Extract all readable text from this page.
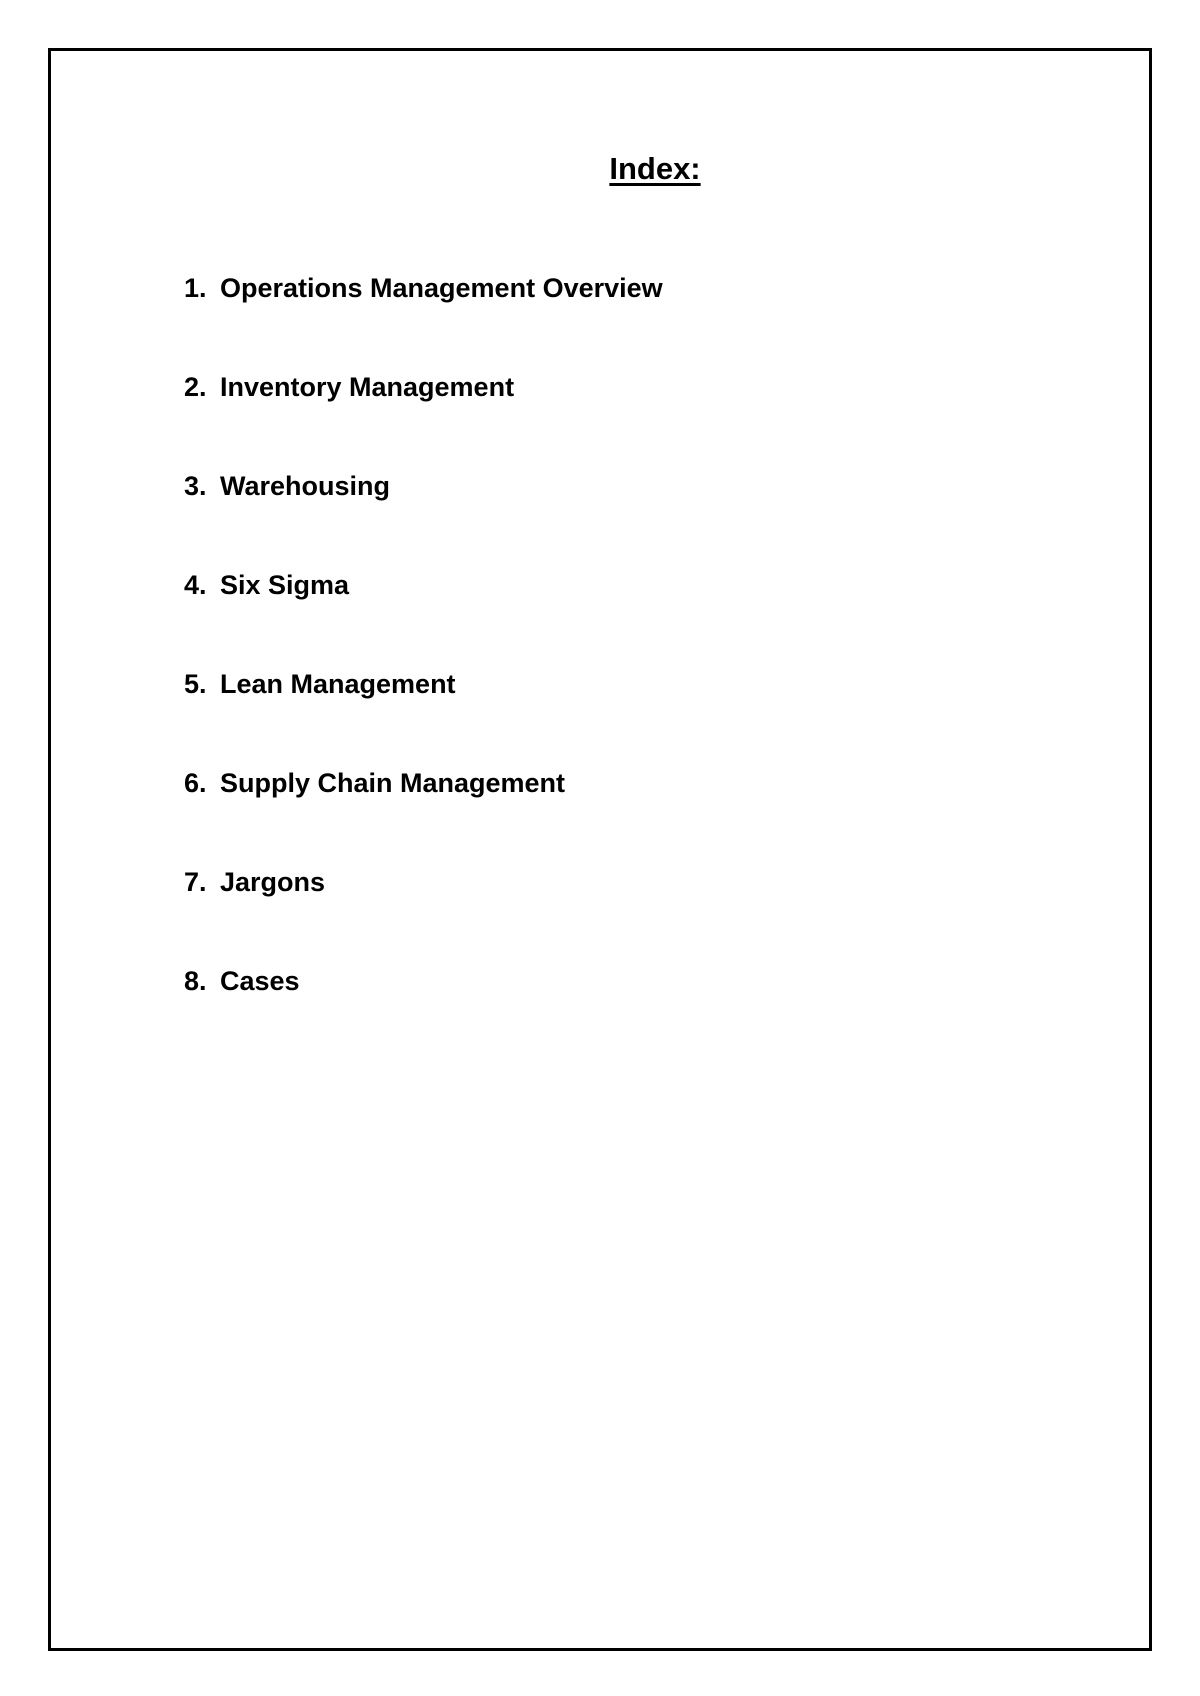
Index:
1. Operations Management Overview
2. Inventory Management
3. Warehousing
4. Six Sigma
5. Lean Management
6. Supply Chain Management
7. Jargons
8. Cases
